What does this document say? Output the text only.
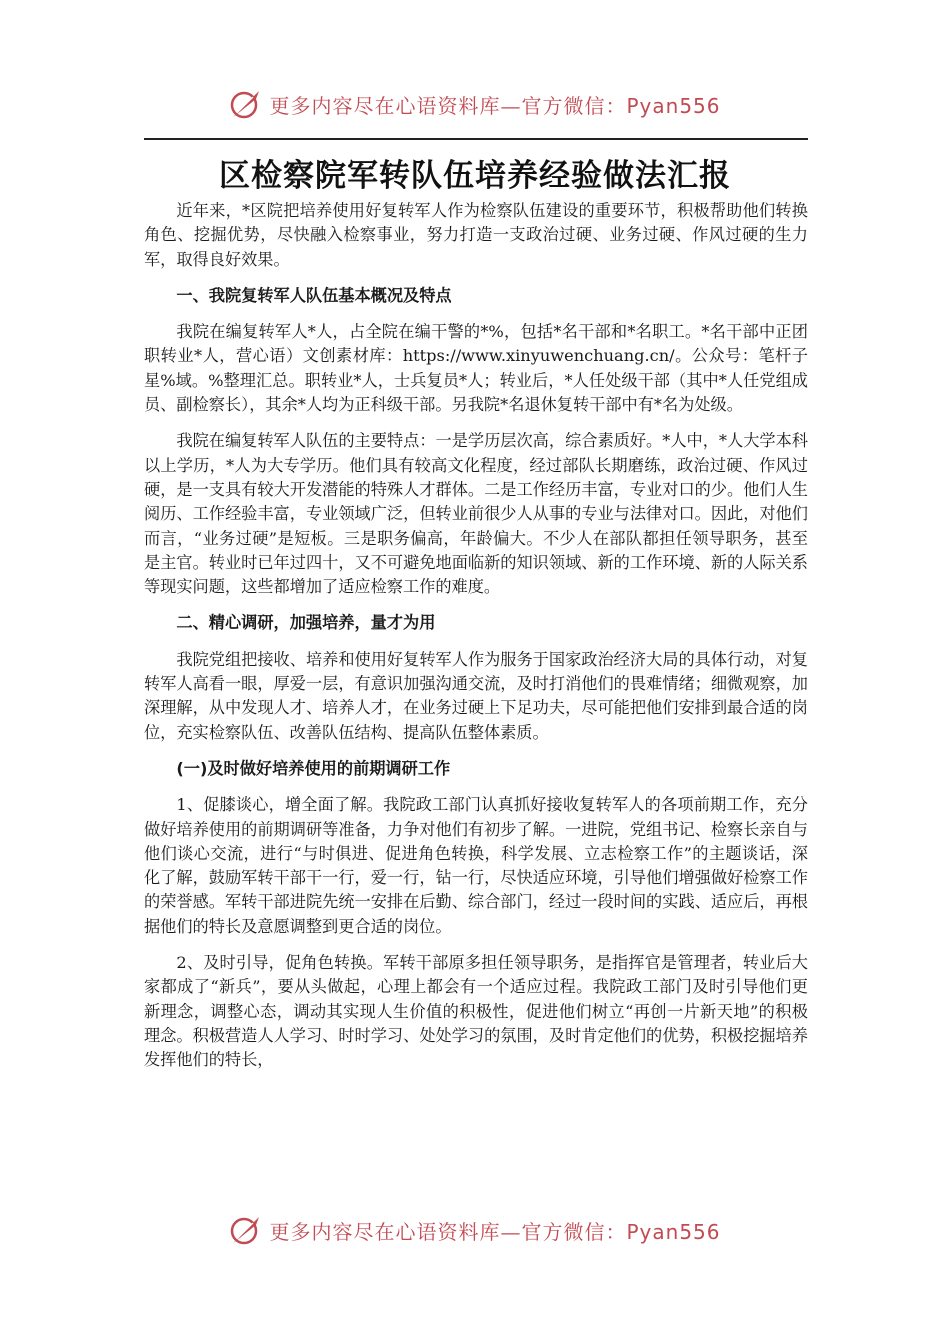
更多内容尽在心语资料库—官方微信：Pyan556
区检察院军转队伍培养经验做法汇报

近年来，*区院把培养使用好复转军人作为检察队伍建设的重要环节，积极帮助他们转换角色、挖掘优势，尽快融入检察事业，努力打造一支政治过硬、业务过硬、作风过硬的生力军，取得良好效果。

一、我院复转军人队伍基本概况及特点

我院在编复转军人*人，占全院在编干警的*%，包括*名干部和*名职工。*名干部中正团职转业*人，营心语）文创素材库：https://www.xinyuwenchuang.cn/。公众号：笔杆子星%域。%整理汇总。职转业*人，士兵复员*人；转业后，*人任处级干部（其中*人任党组成员、副检察长），其余*人均为正科级干部。另我院*名退休复转干部中有*名为处级。

我院在编复转军人队伍的主要特点：一是学历层次高，综合素质好。*人中，*人大学本科以上学历，*人为大专学历。他们具有较高文化程度，经过部队长期磨练，政治过硬、作风过硬，是一支具有较大开发潜能的特殊人才群体。二是工作经历丰富，专业对口的少。他们人生阅历、工作经验丰富，专业领域广泛，但转业前很少人从事的专业与法律对口。因此，对他们而言，“业务过硬”是短板。三是职务偏高，年龄偏大。不少人在部队都担任领导职务，甚至是主官。转业时已年过四十，又不可避免地面临新的知识领域、新的工作环境、新的人际关系等现实问题，这些都增加了适应检察工作的难度。

二、精心调研，加强培养，量才为用

我院党组把接收、培养和使用好复转军人作为服务于国家政治经济大局的具体行动，对复转军人高看一眼，厚爱一层，有意识加强沟通交流，及时打消他们的畏难情绪；细微观察，加深理解，从中发现人才、培养人才，在业务过硬上下足功夫，尽可能把他们安排到最合适的岗位，充实检察队伍、改善队伍结构、提高队伍整体素质。

(一)及时做好培养使用的前期调研工作

1、促膝谈心，增全面了解。我院政工部门认真抓好接收复转军人的各项前期工作，充分做好培养使用的前期调研等准备，力争对他们有初步了解。一进院，党组书记、检察长亲自与他们谈心交流，进行“与时俱进、促进角色转换，科学发展、立志检察工作”的主题谈话，深化了解，鼓励军转干部干一行，爱一行，钻一行，尽快适应环境，引导他们增强做好检察工作的荣誉感。军转干部进院先统一安排在后勤、综合部门，经过一段时间的实践、适应后，再根据他们的特长及意愿调整到更合适的岗位。

2、及时引导，促角色转换。军转干部原多担任领导职务，是指挥官是管理者，转业后大家都成了“新兵”，要从头做起，心理上都会有一个适应过程。我院政工部门及时引导他们更新理念，调整心态，调动其实现人生价值的积极性，促进他们树立“再创一片新天地”的积极理念。积极营造人人学习、时时学习、处处学习的氛围，及时肯定他们的优势，积极挖掘培养发挥他们的特长，

更多内容尽在心语资料库—官方微信：Pyan556
